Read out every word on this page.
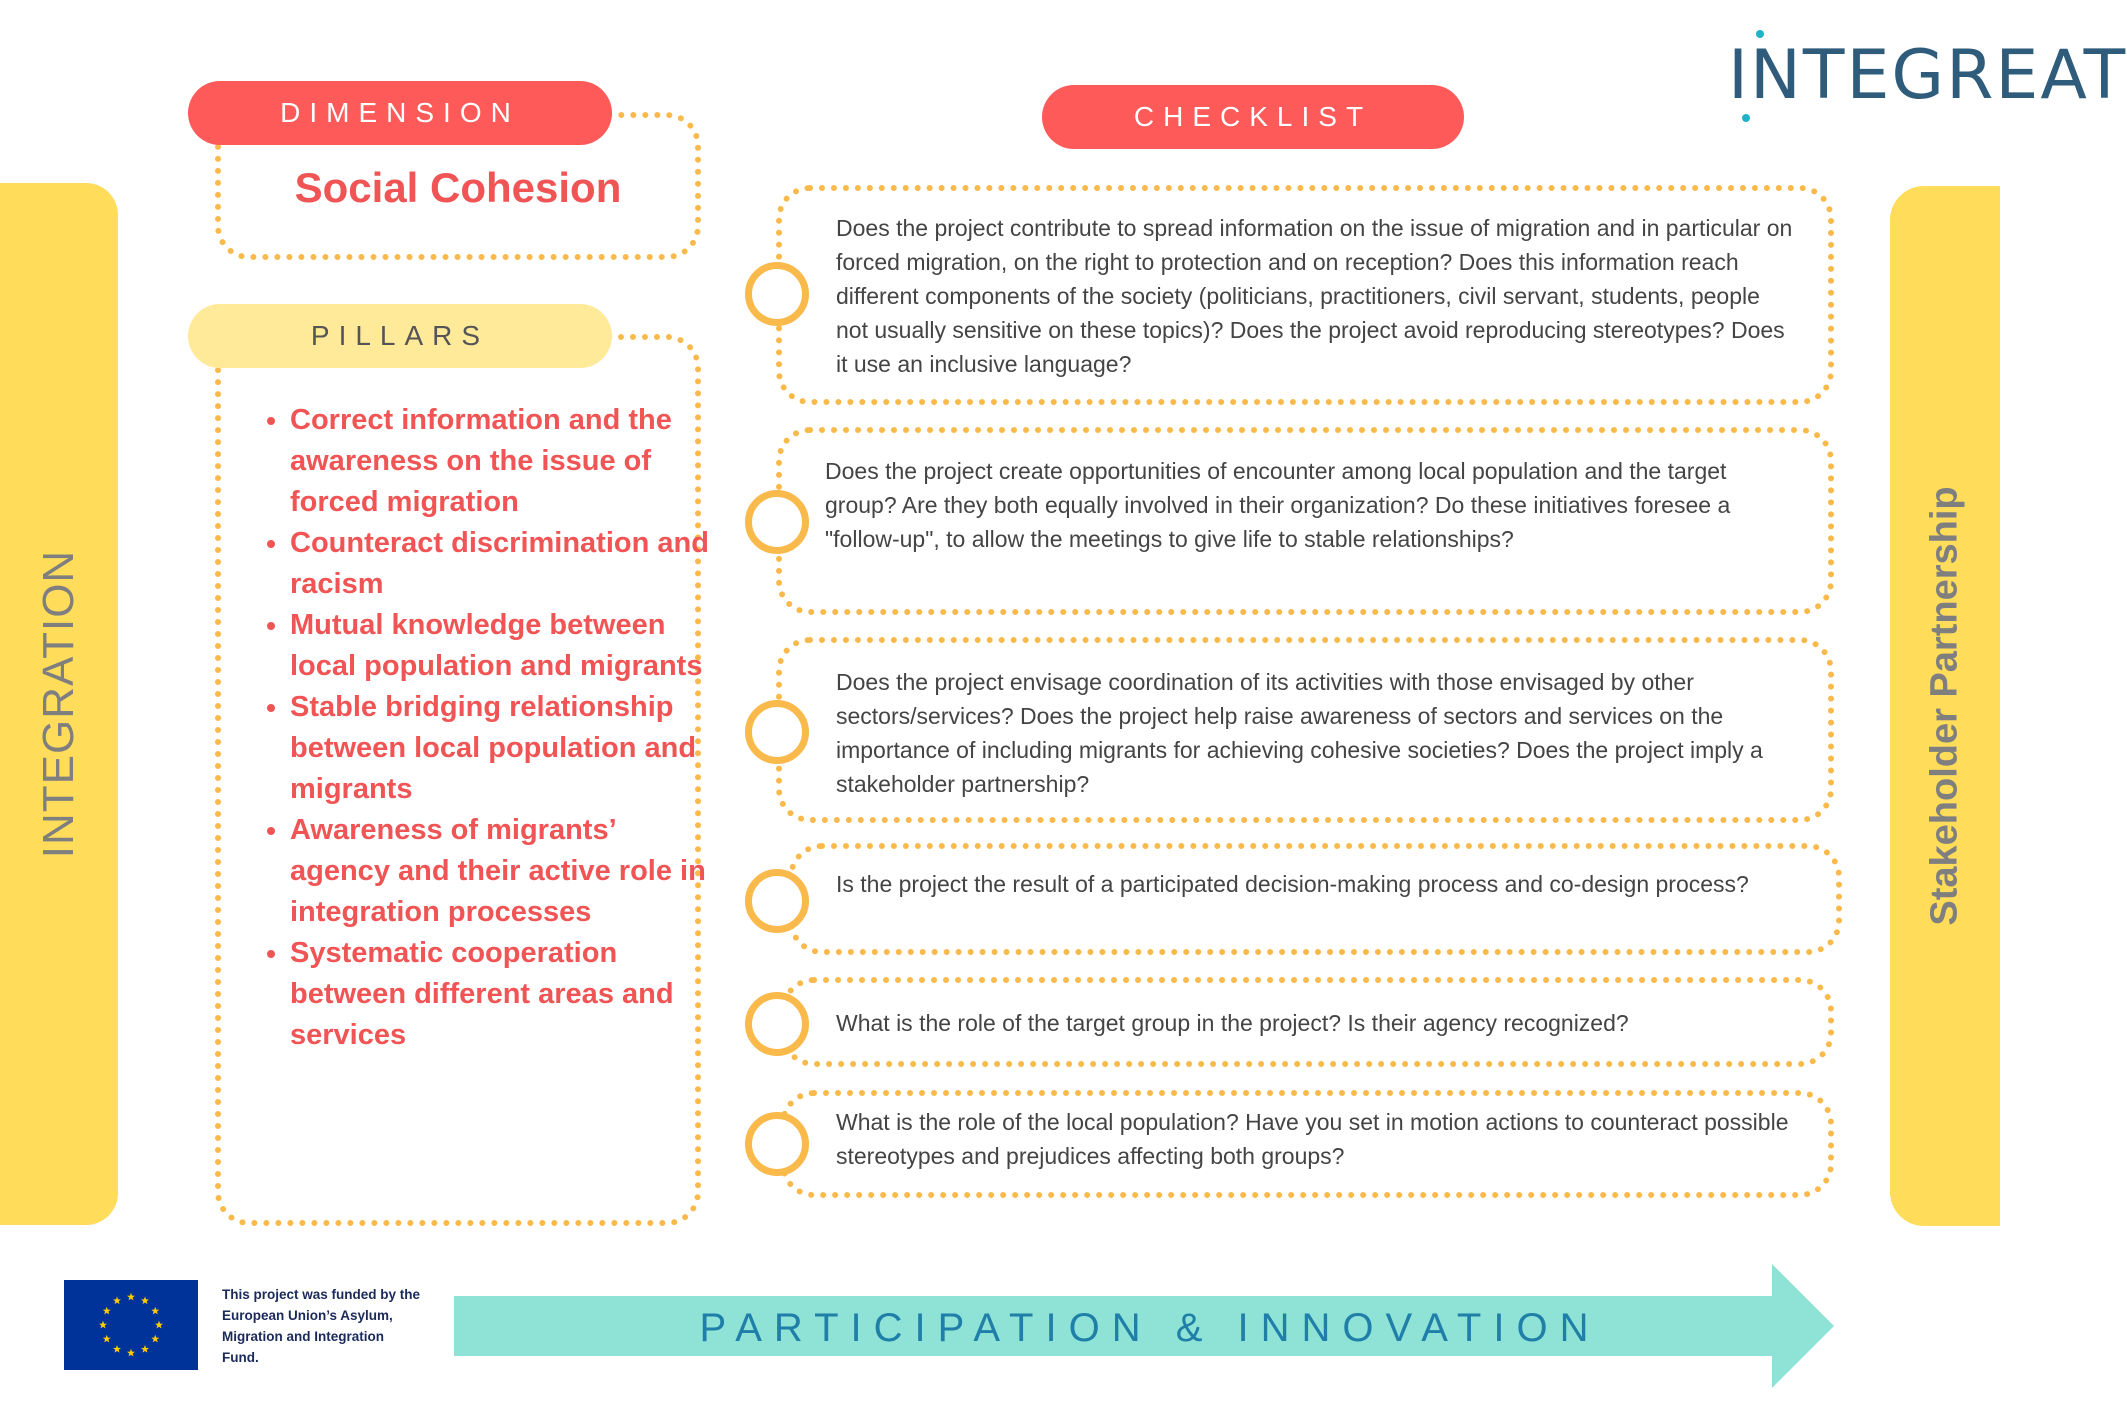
INTEGREAT
INTEGRATION	Stakeholder Partnership
DIMENSION
Social Cohesion
PILLARS
• Correct information and the awareness on the issue of forced migration
• Counteract discrimination and racism
• Mutual knowledge between local population and migrants
• Stable bridging relationship between local population and migrants
• Awareness of migrants’ agency and their active role in integration processes
• Systematic cooperation between different areas and services
CHECKLIST
Does the project contribute to spread information on the issue of migration and in particular on forced migration, on the right to protection and on reception? Does this information reach different components of the society (politicians, practitioners, civil servant, students, people not usually sensitive on these topics)? Does the project avoid reproducing stereotypes? Does it use an inclusive language?
Does the project create opportunities of encounter among local population and the target group? Are they both equally involved in their organization? Do these initiatives foresee a "follow-up", to allow the meetings to give life to stable relationships?
Does the project envisage coordination of its activities with those envisaged by other sectors/services? Does the project help raise awareness of sectors and services on the importance of including migrants for achieving cohesive societies? Does the project imply a stakeholder partnership?
Is the project the result of a participated decision-making process and co-design process?
What is the role of the target group in the project? Is their agency recognized?
What is the role of the local population? Have you set in motion actions to counteract possible stereotypes and prejudices affecting both groups?
This project was funded by the European Union’s Asylum, Migration and Integration Fund.
PARTICIPATION & INNOVATION
